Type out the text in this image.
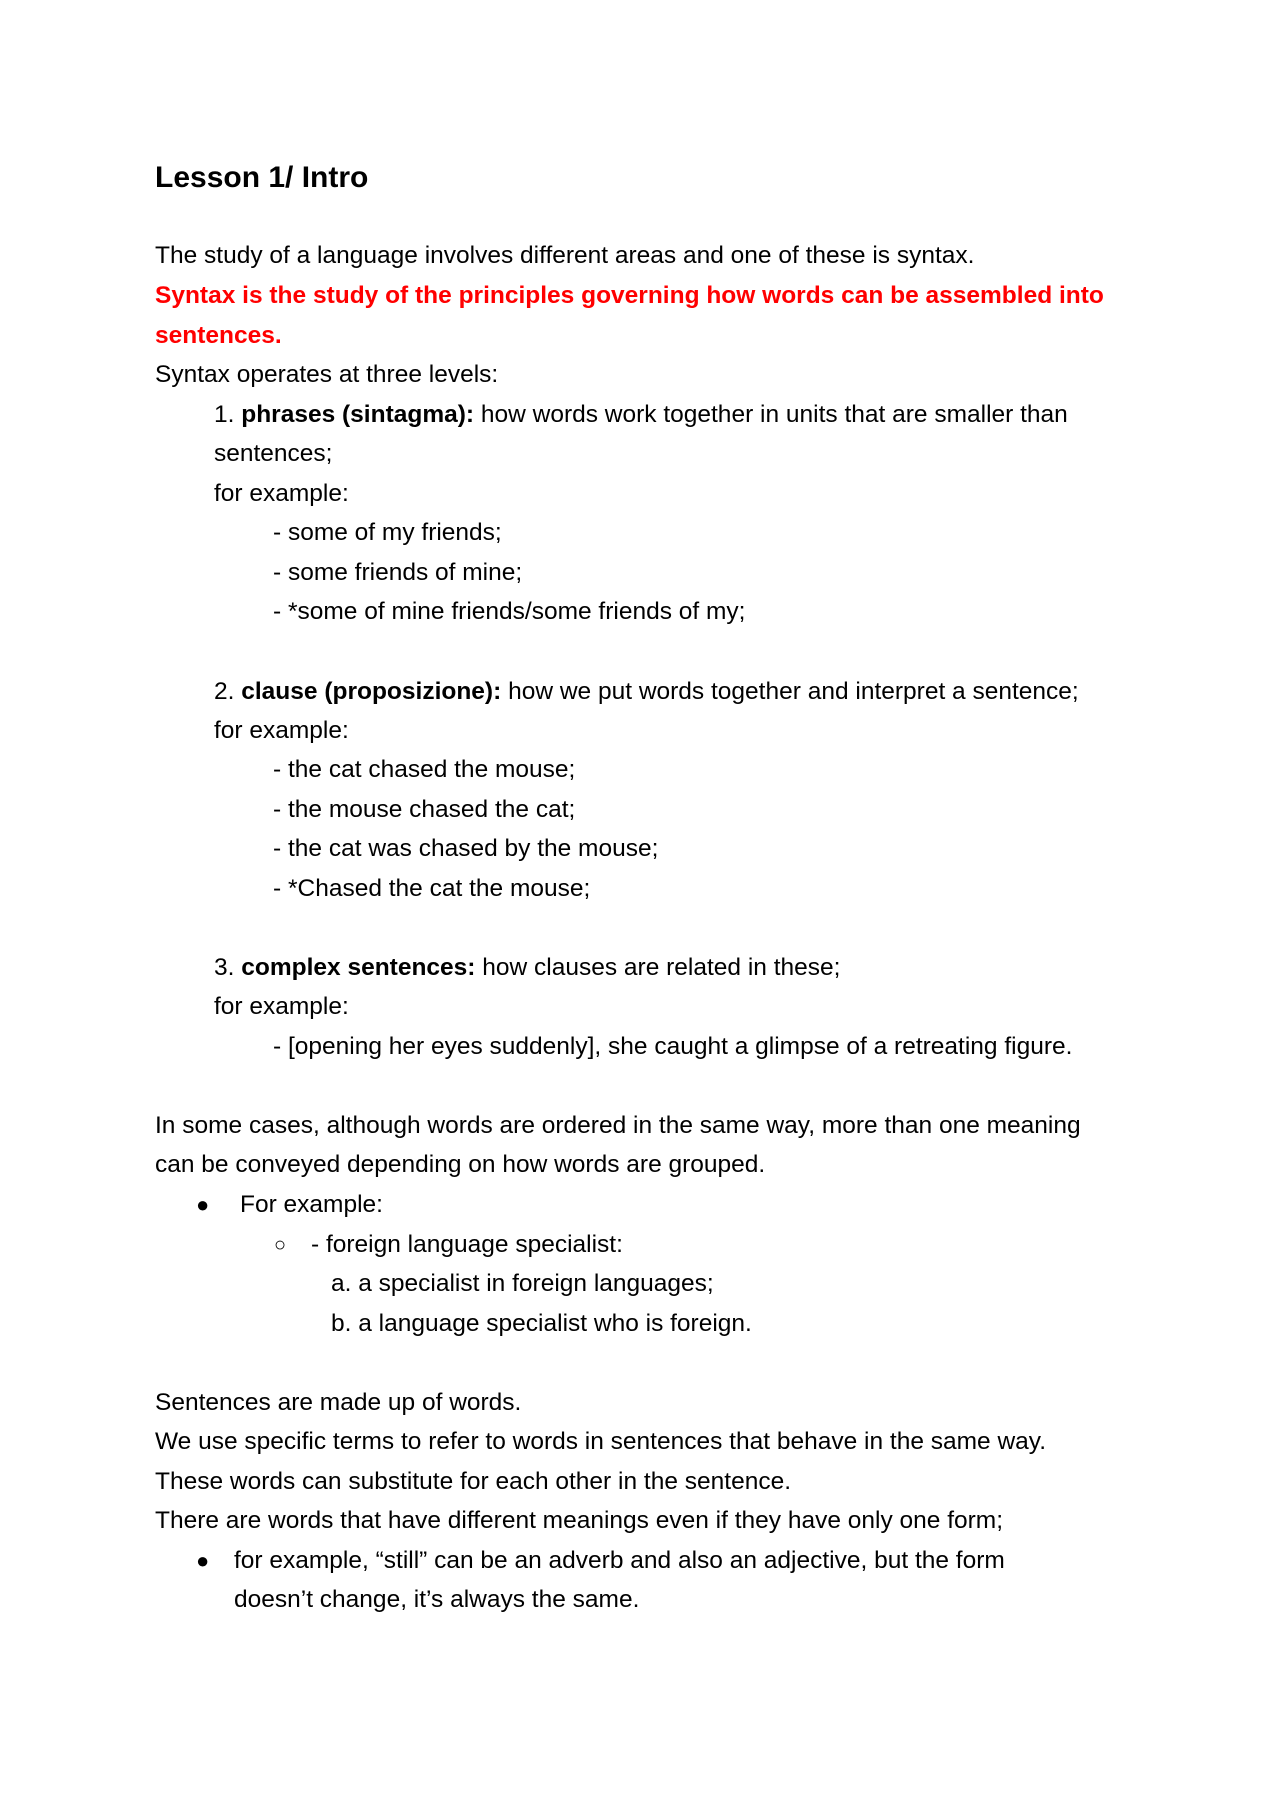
Lesson 1/ Intro
The study of a language involves different areas and one of these is syntax.
Syntax is the study of the principles governing how words can be assembled into
sentences.
Syntax operates at three levels:
1. phrases (sintagma): how words work together in units that are smaller than
sentences;
for example:
- some of my friends;
- some friends of mine;
- *some of mine friends/some friends of my;
2. clause (proposizione): how we put words together and interpret a sentence;
for example:
- the cat chased the mouse;
- the mouse chased the cat;
- the cat was chased by the mouse;
- *Chased the cat the mouse;
3. complex sentences: how clauses are related in these;
for example:
- [opening her eyes suddenly], she caught a glimpse of a retreating figure.
In some cases, although words are ordered in the same way, more than one meaning
can be conveyed depending on how words are grouped.
● For example:
○ - foreign language specialist:
a. a specialist in foreign languages;
b. a language specialist who is foreign.
Sentences are made up of words.
We use specific terms to refer to words in sentences that behave in the same way.
These words can substitute for each other in the sentence.
There are words that have different meanings even if they have only one form;
● for example, “still” can be an adverb and also an adjective, but the form
doesn’t change, it’s always the same.
